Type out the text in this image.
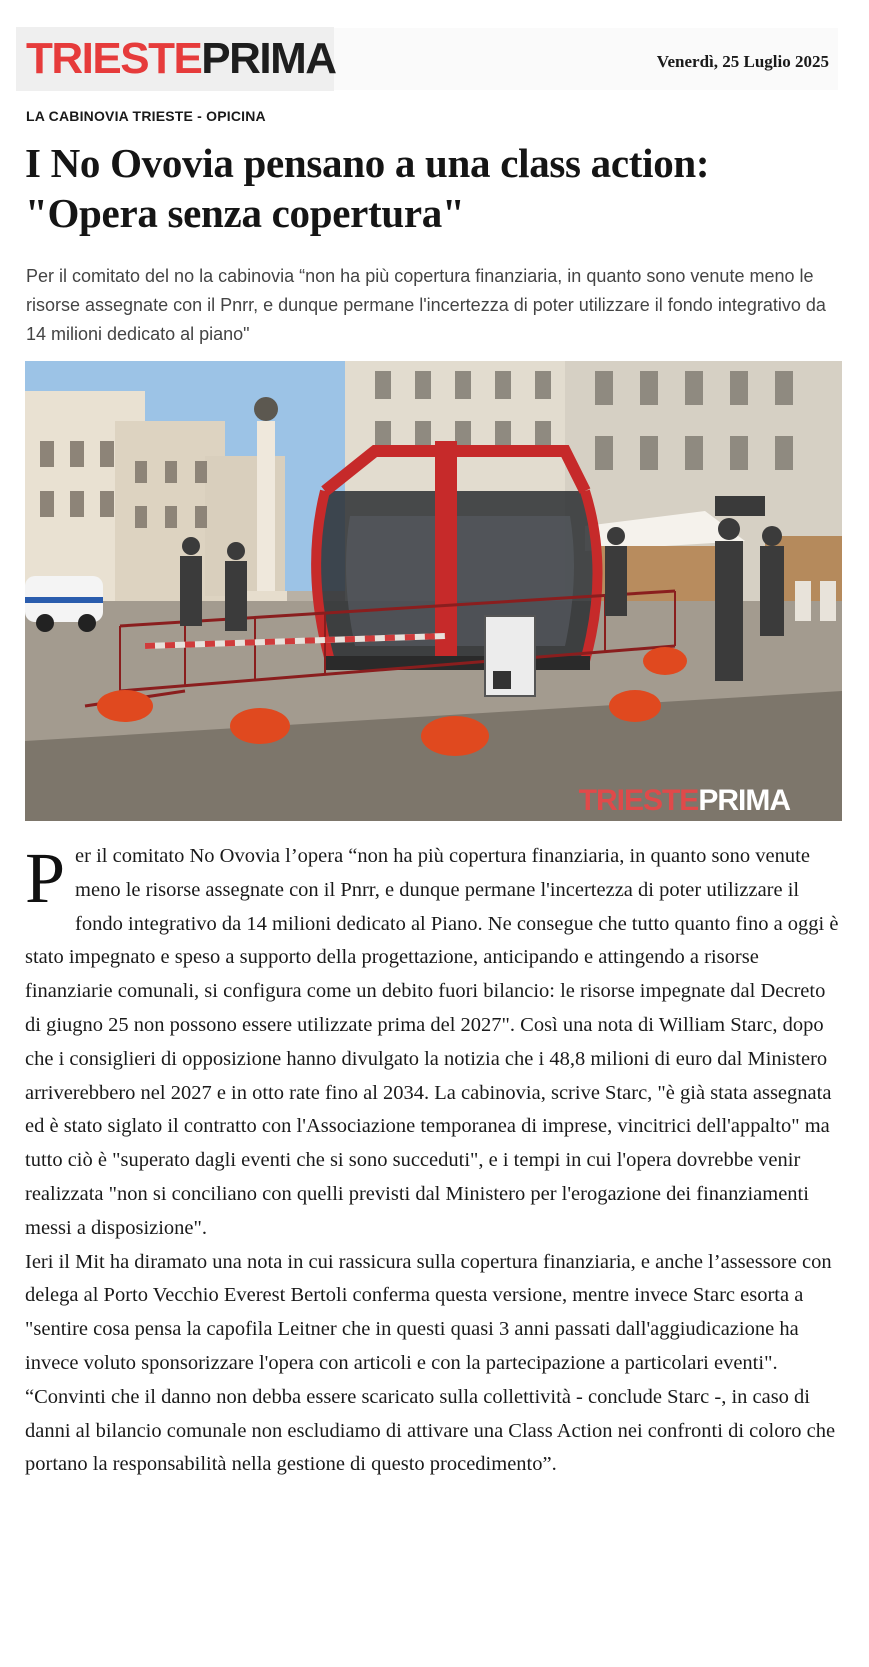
TRIESTE PRIMA	Venerdì, 25 Luglio 2025
LA CABINOVIA TRIESTE - OPICINA
I No Ovovia pensano a una class action: "Opera senza copertura"

Per il comitato del no la cabinovia “non ha più copertura finanziaria, in quanto sono venute meno le risorse assegnate con il Pnrr, e dunque permane l'incertezza di poter utilizzare il fondo integrativo da 14 milioni dedicato al piano"

TRIESTEPRIMA

Per il comitato No Ovovia l’opera “non ha più copertura finanziaria, in quanto sono venute meno le risorse assegnate con il Pnrr, e dunque permane l'incertezza di poter utilizzare il fondo integrativo da 14 milioni dedicato al Piano. Ne consegue che tutto quanto fino a oggi è stato impegnato e speso a supporto della progettazione, anticipando e attingendo a risorse finanziarie comunali, si configura come un debito fuori bilancio: le risorse impegnate dal Decreto di giugno 25 non possono essere utilizzate prima del 2027". Così una nota di William Starc, dopo che i consiglieri di opposizione hanno divulgato la notizia che i 48,8 milioni di euro dal Ministero arriverebbero nel 2027 e in otto rate fino al 2034. La cabinovia, scrive Starc, "è già stata assegnata ed è stato siglato il contratto con l'Associazione temporanea di imprese, vincitrici dell'appalto" ma tutto ciò è "superato dagli eventi che si sono succeduti", e i tempi in cui l'opera dovrebbe venir realizzata "non si conciliano con quelli previsti dal Ministero per l'erogazione dei finanziamenti messi a disposizione".

Ieri il Mit ha diramato una nota in cui rassicura sulla copertura finanziaria, e anche l’assessore con delega al Porto Vecchio Everest Bertoli conferma questa versione, mentre invece Starc esorta a "sentire cosa pensa la capofila Leitner che in questi quasi 3 anni passati dall'aggiudicazione ha invece voluto sponsorizzare l'opera con articoli e con la partecipazione a particolari eventi". “Convinti che il danno non debba essere scaricato sulla collettività - conclude Starc -, in caso di danni al bilancio comunale non escludiamo di attivare una Class Action nei confronti di coloro che portano la responsabilità nella gestione di questo procedimento”.
